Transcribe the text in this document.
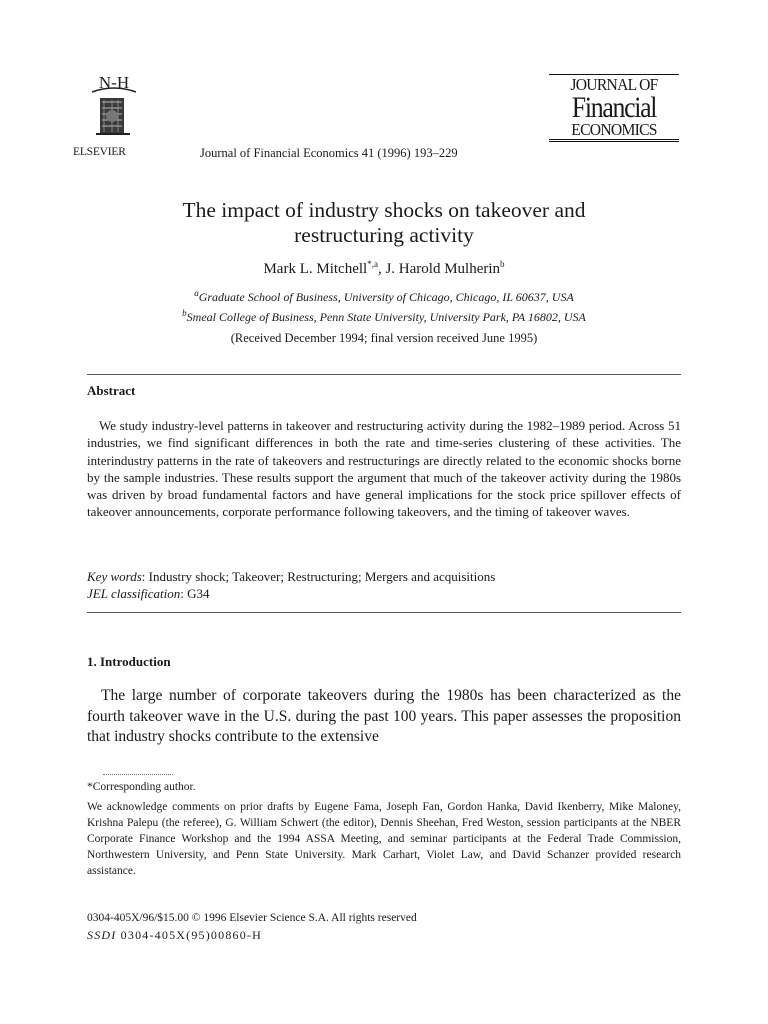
N-H
ELSEVIER	Journal of Financial Economics 41 (1996) 193–229
JOURNAL OF
Financial
ECONOMICS
The impact of industry shocks on takeover and
restructuring activity
Mark L. Mitchell$^{*,a}$, J. Harold Mulherin$^b$
$^a$Graduate School of Business, University of Chicago, Chicago, IL 60637, USA
$^b$Smeal College of Business, Penn State University, University Park, PA 16802, USA
(Received December 1994; final version received June 1995)
Abstract
We study industry-level patterns in takeover and restructuring activity during the 1982–1989 period. Across 51 industries, we find significant differences in both the rate and time-series clustering of these activities. The interindustry patterns in the rate of takeovers and restructurings are directly related to the economic shocks borne by the sample industries. These results support the argument that much of the takeover activity during the 1980s was driven by broad fundamental factors and have general implications for the stock price spillover effects of takeover announcements, corporate performance following takeovers, and the timing of takeover waves.
Key words: Industry shock; Takeover; Restructuring; Mergers and acquisitions
JEL classification: G34
1. Introduction
The large number of corporate takeovers during the 1980s has been characterized as the fourth takeover wave in the U.S. during the past 100 years. This paper assesses the proposition that industry shocks contribute to the extensive
*Corresponding author.
We acknowledge comments on prior drafts by Eugene Fama, Joseph Fan, Gordon Hanka, David Ikenberry, Mike Maloney, Krishna Palepu (the referee), G. William Schwert (the editor), Dennis Sheehan, Fred Weston, session participants at the NBER Corporate Finance Workshop and the 1994 ASSA Meeting, and seminar participants at the Federal Trade Commission, Northwestern University, and Penn State University. Mark Carhart, Violet Law, and David Schanzer provided research assistance.
0304-405X/96/$15.00 © 1996 Elsevier Science S.A. All rights reserved
SSDI 0304-405X(95)00860-H
